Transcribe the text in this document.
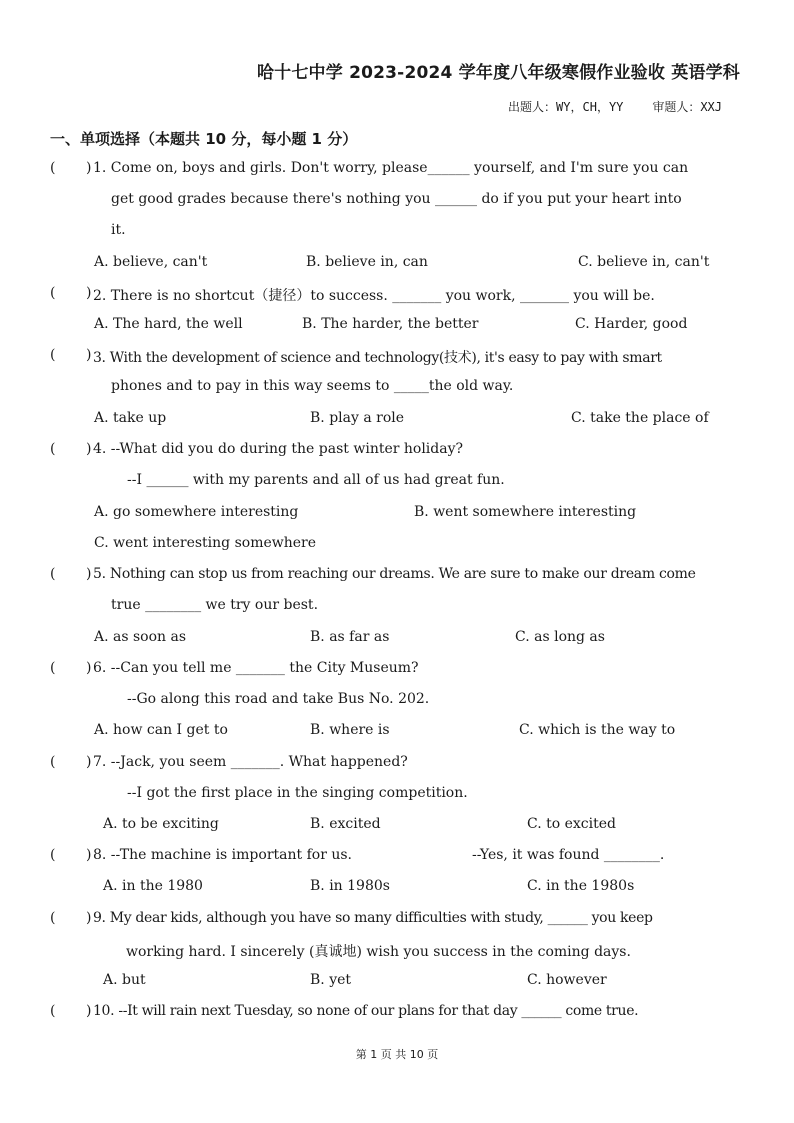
哈十七中学 2023-2024 学年度八年级寒假作业验收 英语学科
出题人：WY，CH，YY 审题人：XXJ
一、单项选择（本题共 10 分，每小题 1 分）
( ) 1. Come on, boys and girls. Don't worry, please______ yourself, and I'm sure you can
get good grades because there's nothing you ______ do if you put your heart into
it.
A. believe, can't	B. believe in, can	C. believe in, can't
( ) 2. There is no shortcut（捷径）to success. _______ you work, _______ you will be.
A. The hard, the well	B. The harder, the better	C. Harder, good
( ) 3. With the development of science and technology(技术), it's easy to pay with smart
phones and to pay in this way seems to _____the old way.
A. take up	B. play a role	C. take the place of
( ) 4. --What did you do during the past winter holiday?
--I ______ with my parents and all of us had great fun.
A. go somewhere interesting	B. went somewhere interesting
C. went interesting somewhere
( ) 5. Nothing can stop us from reaching our dreams. We are sure to make our dream come
true ________ we try our best.
A. as soon as	B. as far as	C. as long as
( ) 6. --Can you tell me _______ the City Museum?
--Go along this road and take Bus No. 202.
A. how can I get to	B. where is	C. which is the way to
( ) 7. --Jack, you seem _______. What happened?
--I got the first place in the singing competition.
A. to be exciting	B. excited	C. to excited
( ) 8. --The machine is important for us.	--Yes, it was found ________.
A. in the 1980	B. in 1980s	C. in the 1980s
( ) 9. My dear kids, although you have so many difficulties with study, ______ you keep
working hard. I sincerely (真诚地) wish you success in the coming days.
A. but	B. yet	C. however
( ) 10. --It will rain next Tuesday, so none of our plans for that day ______ come true.
第 1 页 共 10 页
